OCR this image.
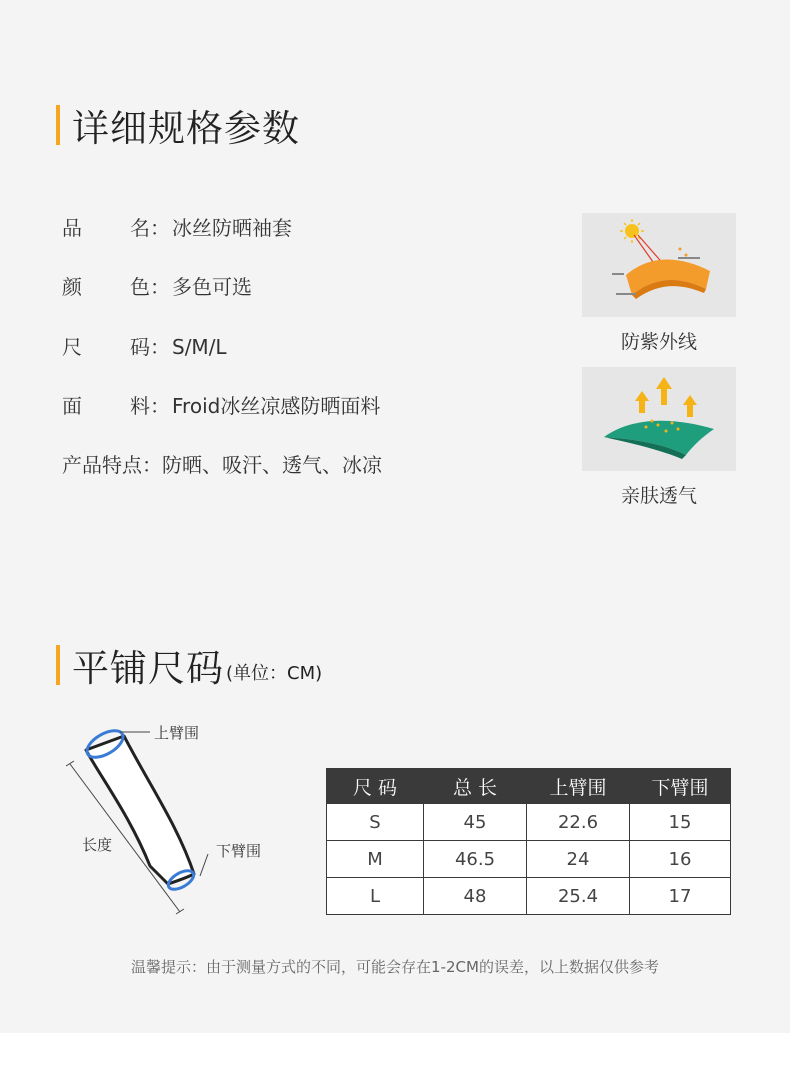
详细规格参数
品 名 ： 冰丝防晒袖套
颜 色 ： 多色可选
尺 码 ： S/M/L
面 料 ： Froid冰丝凉感防晒面料
产品特点 ： 防晒、吸汗、透气、冰凉
防紫外线
亲肤透气
平铺尺码 (单位：CM)
上臂围
长度	下臂围
尺 码	总 长	上臂围	下臂围
S	45	22.6	15
M	46.5	24	16
L	48	25.4	17
温馨提示：由于测量方式的不同，可能会存在1-2CM的误差，以上数据仅供参考
